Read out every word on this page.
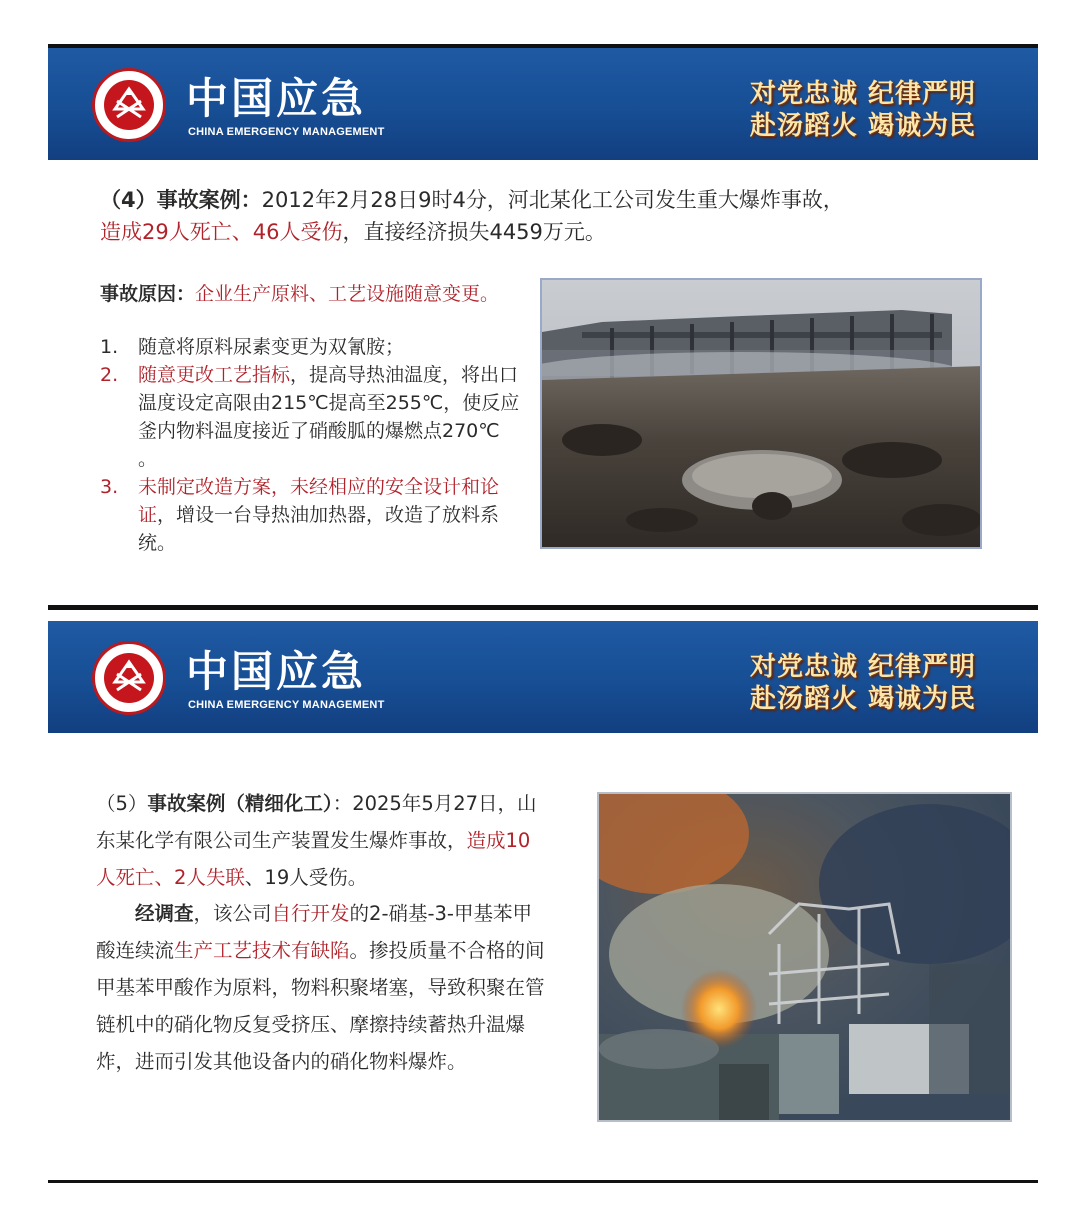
中国应急
CHINA EMERGENCY MANAGEMENT
对党忠诚 纪律严明
赴汤蹈火 竭诚为民
（4）事故案例：2012年2月28日9时4分，河北某化工公司发生重大爆炸事故，
造成29人死亡、46人受伤，直接经济损失4459万元。
事故原因：企业生产原料、工艺设施随意变更。
1. 随意将原料尿素变更为双氰胺；
2. 随意更改工艺指标，提高导热油温度，将出口温度设定高限由215℃提高至255℃，使反应釜内物料温度接近了硝酸胍的爆燃点270℃ 。
3. 未制定改造方案，未经相应的安全设计和论证，增设一台导热油加热器，改造了放料系统。
中国应急
CHINA EMERGENCY MANAGEMENT
对党忠诚 纪律严明
赴汤蹈火 竭诚为民

（5）事故案例（精细化工）：2025年5月27日，山东某化学有限公司生产装置发生爆炸事故，造成10人死亡、2人失联、19人受伤。

经调查，该公司自行开发的2-硝基-3-甲基苯甲酸连续流生产工艺技术有缺陷。掺投质量不合格的间甲基苯甲酸作为原料，物料积聚堵塞，导致积聚在管链机中的硝化物反复受挤压、摩擦持续蓄热升温爆炸，进而引发其他设备内的硝化物料爆炸。
